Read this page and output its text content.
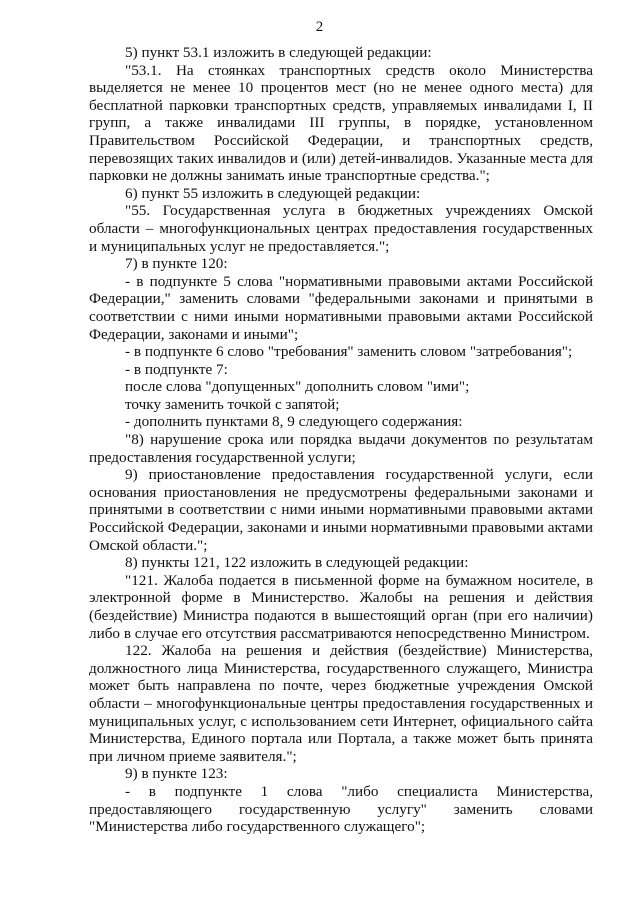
2

5) пункт 53.1 изложить в следующей редакции:

"53.1. На стоянках транспортных средств около Министерства выделяется не менее 10 процентов мест (но не менее одного места) для бесплатной парковки транспортных средств, управляемых инвалидами I, II групп, а также инвалидами III группы, в порядке, установленном Правительством Российской Федерации, и транспортных средств, перевозящих таких инвалидов и (или) детей-инвалидов. Указанные места для парковки не должны занимать иные транспортные средства.";

6) пункт 55 изложить в следующей редакции:

"55. Государственная услуга в бюджетных учреждениях Омской области – многофункциональных центрах предоставления государственных и муниципальных услуг не предоставляется.";

7) в пункте 120:

- в подпункте 5 слова "нормативными правовыми актами Российской Федерации," заменить словами "федеральными законами и принятыми в соответствии с ними иными нормативными правовыми актами Российской Федерации, законами и иными";

- в подпункте 6 слово "требования" заменить словом "затребования";

- в подпункте 7:

после слова "допущенных" дополнить словом "ими";

точку заменить точкой с запятой;

- дополнить пунктами 8, 9 следующего содержания:

"8) нарушение срока или порядка выдачи документов по результатам предоставления государственной услуги;

9) приостановление предоставления государственной услуги, если основания приостановления не предусмотрены федеральными законами и принятыми в соответствии с ними иными нормативными правовыми актами Российской Федерации, законами и иными нормативными правовыми актами Омской области.";

8) пункты 121, 122 изложить в следующей редакции:

"121. Жалоба подается в письменной форме на бумажном носителе, в электронной форме в Министерство. Жалобы на решения и действия (бездействие) Министра подаются в вышестоящий орган (при его наличии) либо в случае его отсутствия рассматриваются непосредственно Министром.

122. Жалоба на решения и действия (бездействие) Министерства, должностного лица Министерства, государственного служащего, Министра может быть направлена по почте, через бюджетные учреждения Омской области – многофункциональные центры предоставления государственных и муниципальных услуг, с использованием сети Интернет, официального сайта Министерства, Единого портала или Портала, а также может быть принята при личном приеме заявителя.";

9) в пункте 123:

- в подпункте 1 слова "либо специалиста Министерства, предоставляющего государственную услугу" заменить словами "Министерства либо государственного служащего";
